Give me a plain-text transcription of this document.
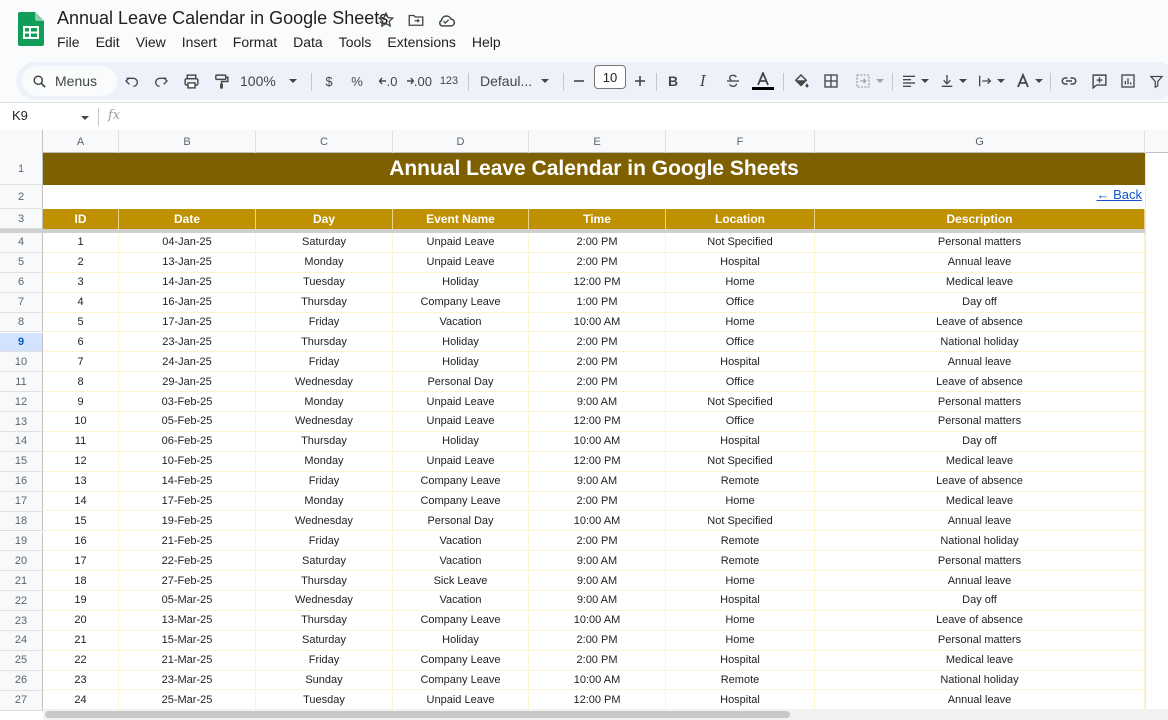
Annual Leave Calendar in Google Sheets
File	Edit	View	Insert	Format	Data	Tools	Extensions	Help
Menus	100%	$	% .0 .00 123 Defaul...	B	I
10
K9	fx
A	B	C	D	E	F	G
1
2
3
Annual Leave Calendar in Google Sheets
← Back
ID	Date	Day	Event Name	Time	Location	Description
1	04-Jan-25	Saturday	Unpaid Leave	2:00 PM	Not Specified	Personal matters
2	13-Jan-25	Monday	Unpaid Leave	2:00 PM	Hospital	Annual leave
3	14-Jan-25	Tuesday	Holiday	12:00 PM	Home	Medical leave
4	16-Jan-25	Thursday	Company Leave	1:00 PM	Office	Day off
5	17-Jan-25	Friday	Vacation	10:00 AM	Home	Leave of absence
6	23-Jan-25	Thursday	Holiday	2:00 PM	Office	National holiday
7	24-Jan-25	Friday	Holiday	2:00 PM	Hospital	Annual leave
8	29-Jan-25	Wednesday	Personal Day	2:00 PM	Office	Leave of absence
9	03-Feb-25	Monday	Unpaid Leave	9:00 AM	Not Specified	Personal matters
10	05-Feb-25	Wednesday	Unpaid Leave	12:00 PM	Office	Personal matters
11	06-Feb-25	Thursday	Holiday	10:00 AM	Hospital	Day off
12	10-Feb-25	Monday	Unpaid Leave	12:00 PM	Not Specified	Medical leave
13	14-Feb-25	Friday	Company Leave	9:00 AM	Remote	Leave of absence
14	17-Feb-25	Monday	Company Leave	2:00 PM	Home	Medical leave
15	19-Feb-25	Wednesday	Personal Day	10:00 AM	Not Specified	Annual leave
16	21-Feb-25	Friday	Vacation	2:00 PM	Remote	National holiday
17	22-Feb-25	Saturday	Vacation	9:00 AM	Remote	Personal matters
18	27-Feb-25	Thursday	Sick Leave	9:00 AM	Home	Annual leave
19	05-Mar-25	Wednesday	Vacation	9:00 AM	Hospital	Day off
20	13-Mar-25	Thursday	Company Leave	10:00 AM	Home	Leave of absence
21	15-Mar-25	Saturday	Holiday	2:00 PM	Home	Personal matters
22	21-Mar-25	Friday	Company Leave	2:00 PM	Hospital	Medical leave
23	23-Mar-25	Sunday	Company Leave	10:00 AM	Remote	National holiday
24	25-Mar-25	Tuesday	Unpaid Leave	12:00 PM	Hospital	Annual leave
4
5
6
7
8
9
10
11
12
13
14
15
16
17
18
19
20
21
22
23
24
25
26
27
